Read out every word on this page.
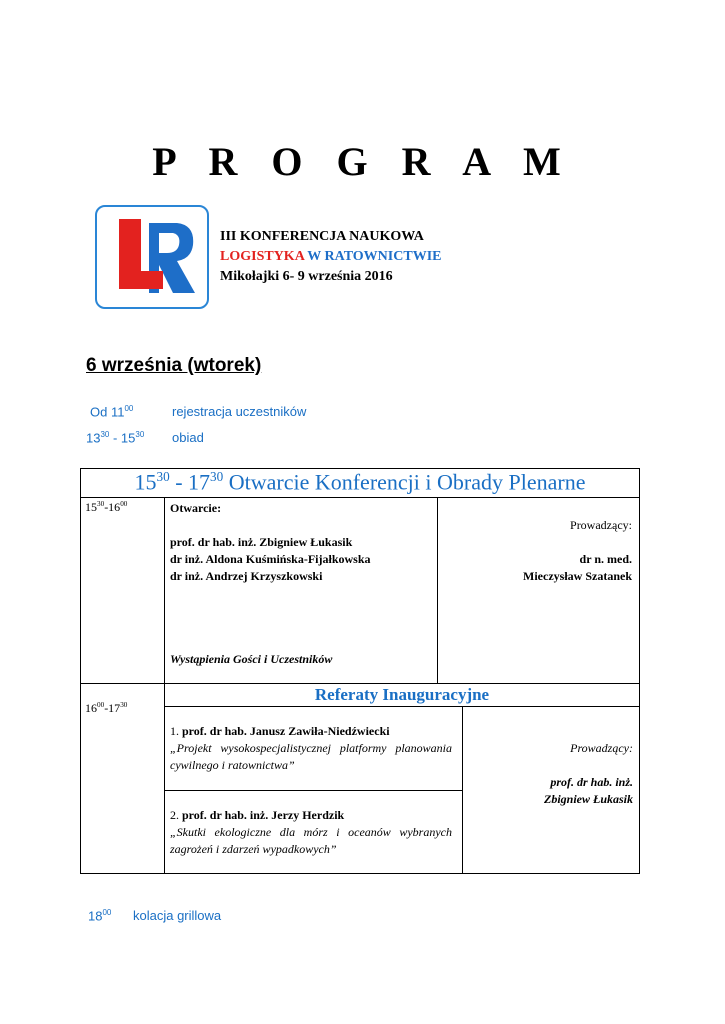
P R O G R A M
III KONFERENCJA NAUKOWA
LOGISTYKA W RATOWNICTWIE
Mikołajki 6- 9 września 2016
6 września (wtorek)
Od $11^{00}$	rejestracja uczestników
$13^{30} - 15^{30}$ obiad
$15^{30} - 17^{30}$ Otwarcie Konferencji i Obrady Plenarne
$15^{30}-16^{00}$	Otwarcie:
prof. dr hab. inż. Zbigniew Łukasik
dr inż. Aldona Kuśmińska-Fijałkowska
dr inż. Andrzej Krzyszkowski
Wystąpienia Gości i Uczestników
Prowadzący:
dr n. med.
Mieczysław Szatanek
$16^{00}-17^{30}$
Referaty Inauguracyjne
1. prof. dr hab. Janusz Zawiła-Niedźwiecki
„Projekt wysokospecjalistycznej platformy planowania cywilnego i ratownictwa”
2. prof. dr hab. inż. Jerzy Herdzik
„Skutki ekologiczne dla mórz i oceanów wybranych zagrożeń i zdarzeń wypadkowych”
Prowadzący:
prof. dr hab. inż.
Zbigniew Łukasik
$18^{00}$ kolacja grillowa
